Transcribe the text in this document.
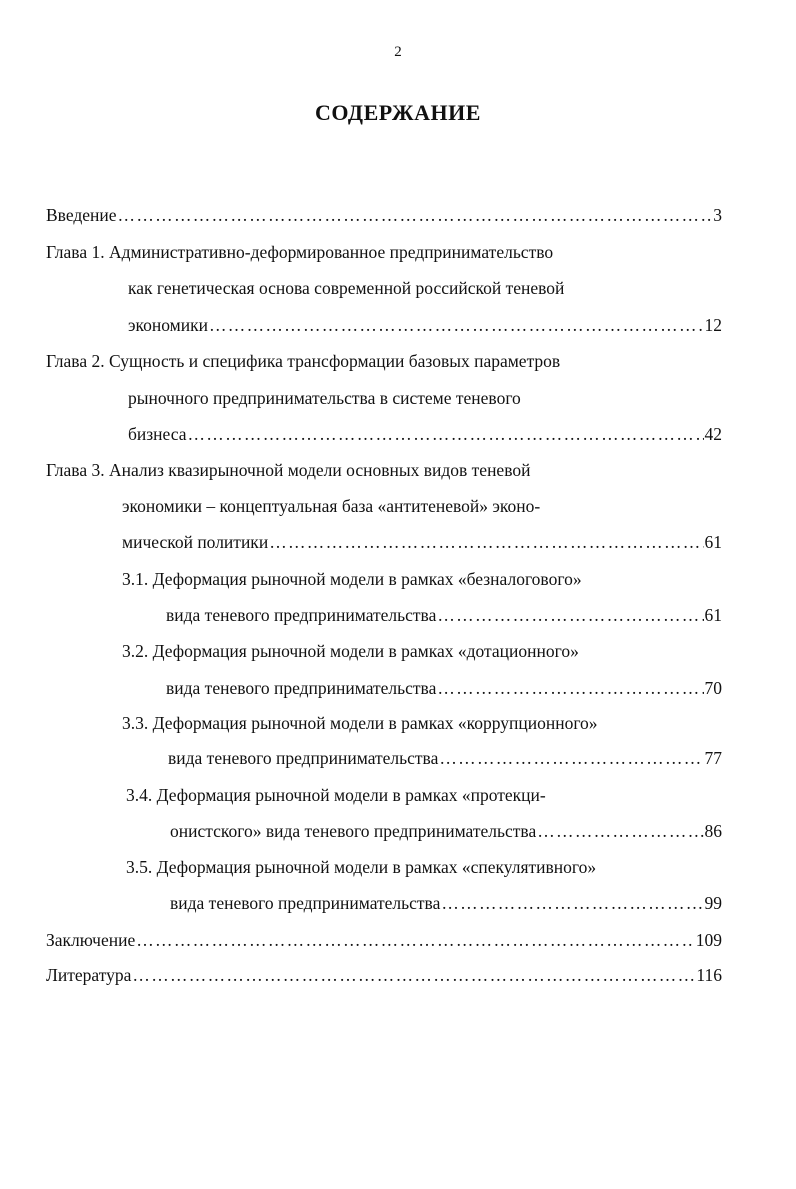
2
СОДЕРЖАНИЕ
Введение ……………………………………………………………………………………………………………………………………………………………………	3
Глава 1. Административно-деформированное предпринимательство
как генетическая основа современной российской теневой
экономики ……………………………………………………………………………………………………………………………………………………………………	12
Глава 2. Сущность и специфика трансформации базовых параметров
рыночного предпринимательства в системе теневого
бизнеса ……………………………………………………………………………………………………………………………………………………………………	42
Глава 3. Анализ квазирыночной модели основных видов теневой
экономики – концептуальная база «антитеневой» эконо-
мической политики ……………………………………………………………………………………………………………………………………………………………………	61
3.1. Деформация рыночной модели в рамках «безналогового»
вида теневого предпринимательства ……………………………………………………………………………………………………………………………………………………………………	61
3.2. Деформация рыночной модели в рамках «дотационного»
вида теневого предпринимательства ……………………………………………………………………………………………………………………………………………………………………	70
3.3. Деформация рыночной модели в рамках «коррупционного»
вида теневого предпринимательства ……………………………………………………………………………………………………………………………………………………………………	77
3.4. Деформация рыночной модели в рамках «протекци-
онистского» вида теневого предпринимательства ……………………………………………………………………………………………………………………………………………………………………	86
3.5. Деформация рыночной модели в рамках «спекулятивного»
вида теневого предпринимательства ……………………………………………………………………………………………………………………………………………………………………	99
Заключение ……………………………………………………………………………………………………………………………………………………………………	109
Литература ……………………………………………………………………………………………………………………………………………………………………	116
